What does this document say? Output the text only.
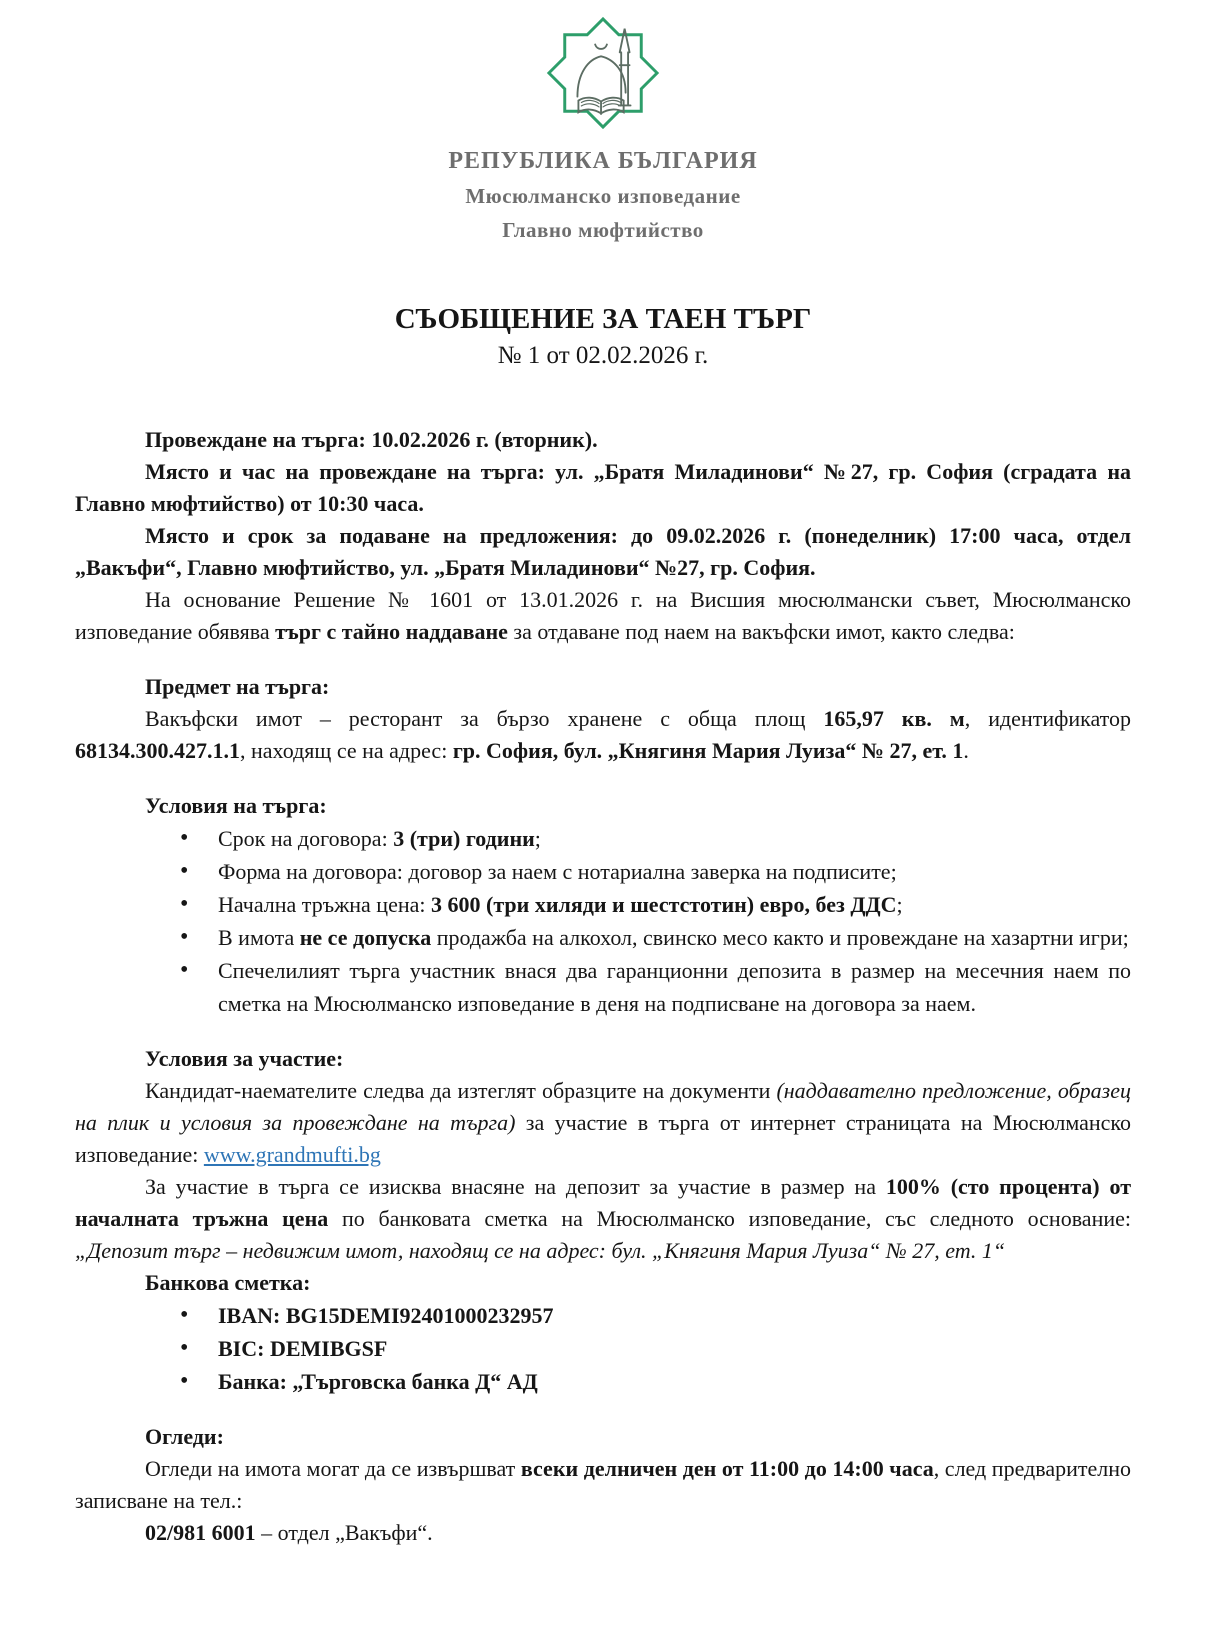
РЕПУБЛИКА БЪЛГАРИЯ
Мюсюлманско изповедание
Главно мюфтийство
СЪОБЩЕНИЕ ЗА ТАЕН ТЪРГ
№ 1 от 02.02.2026 г.

Провеждане на търга: 10.02.2026 г. (вторник).

Място и час на провеждане на търга: ул. „Братя Миладинови“ №27, гр. София (сградата на Главно мюфтийство) от 10:30 часа.

Място и срок за подаване на предложения: до 09.02.2026 г. (понеделник) 17:00 часа, отдел „Вакъфи“, Главно мюфтийство, ул. „Братя Миладинови“ №27, гр. София.

На основание Решение № 1601 от 13.01.2026 г. на Висшия мюсюлмански съвет, Мюсюлманско изповедание обявява търг с тайно наддаване за отдаване под наем на вакъфски имот, както следва:

Предмет на търга:

Вакъфски имот – ресторант за бързо хранене с обща площ 165,97 кв. м, идентификатор 68134.300.427.1.1, находящ се на адрес: гр. София, бул. „Княгиня Мария Луиза“ № 27, ет. 1.

Условия на търга:

• Срок на договора: 3 (три) години;
• Форма на договора: договор за наем с нотариална заверка на подписите;
• Начална тръжна цена: 3 600 (три хиляди и шестстотин) евро, без ДДС;
• В имота не се допуска продажба на алкохол, свинско месо както и провеждане на хазартни игри;
• Спечелилият търга участник внася два гаранционни депозита в размер на месечния наем по сметка на Мюсюлманско изповедание в деня на подписване на договора за наем.

Условия за участие:

Кандидат-наемателите следва да изтеглят образците на документи (наддавателно предложение, образец на плик и условия за провеждане на търга) за участие в търга от интернет страницата на Мюсюлманско изповедание: www.grandmufti.bg

За участие в търга се изисква внасяне на депозит за участие в размер на 100% (сто процента) от началната тръжна цена по банковата сметка на Мюсюлманско изповедание, със следното основание: „Депозит търг – недвижим имот, находящ се на адрес: бул. „Княгиня Мария Луиза“ № 27, ет. 1“

Банкова сметка:

• IBAN: BG15DEMI92401000232957
• BIC: DEMIBGSF
• Банка: „Търговска банка Д“ АД

Огледи:

Огледи на имота могат да се извършват всеки делничен ден от 11:00 до 14:00 часа, след предварително записване на тел.:

02/981 6001 – отдел „Вакъфи“.
